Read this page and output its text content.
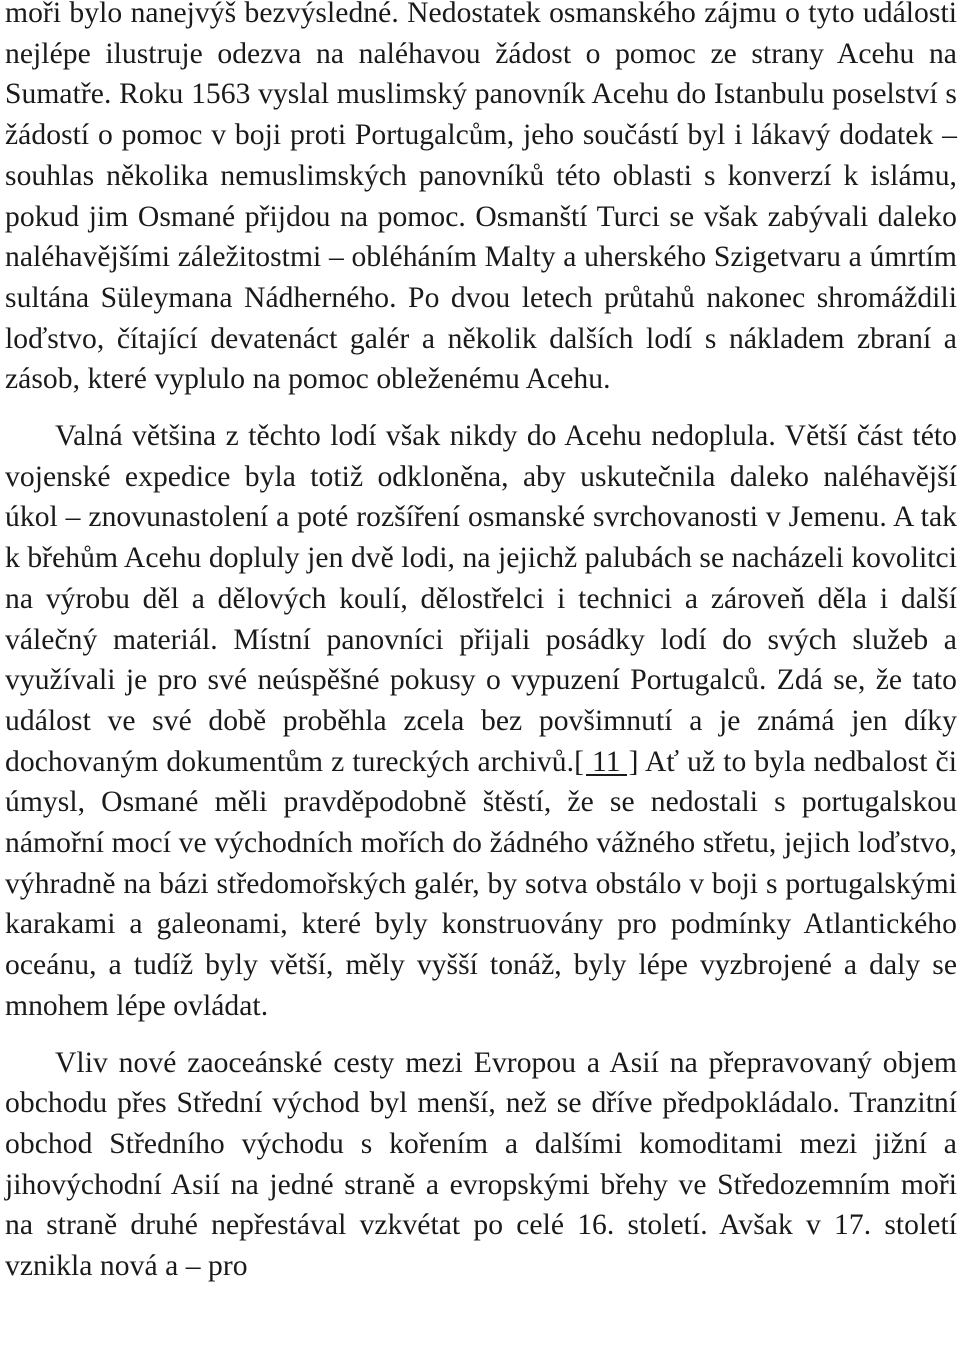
moři bylo nanejvýš bezvýsledné. Nedostatek osmanského zájmu o tyto události nejlépe ilustruje odezva na naléhavou žádost o pomoc ze strany Acehu na Sumatře. Roku 1563 vyslal muslimský panovník Acehu do Istanbulu poselství s žádostí o pomoc v boji proti Portugalcům, jeho součástí byl i lákavý dodatek – souhlas několika nemuslimských panovníků této oblasti s konverzí k islámu, pokud jim Osmané přijdou na pomoc. Osmanští Turci se však zabývali daleko naléhavějšími záležitostmi – obléháním Malty a uherského Szigetvaru a úmrtím sultána Süleymana Nádherného. Po dvou letech průtahů nakonec shromáždili loďstvo, čítající devatenáct galér a několik dalších lodí s nákladem zbraní a zásob, které vyplulo na pomoc obleženému Acehu.

Valná většina z těchto lodí však nikdy do Acehu nedoplula. Větší část této vojenské expedice byla totiž odkloněna, aby uskutečnila daleko naléhavější úkol – znovunastolení a poté rozšíření osmanské svrchovanosti v Jemenu. A tak k břehům Acehu dopluly jen dvě lodi, na jejichž palubách se nacházeli kovolitci na výrobu děl a dělových koulí, dělostřelci i technici a zároveň děla i další válečný materiál. Místní panovníci přijali posádky lodí do svých služeb a využívali je pro své neúspěšné pokusy o vypuzení Portugalců. Zdá se, že tato událost ve své době proběhla zcela bez povšimnutí a je známá jen díky dochovaným dokumentům z tureckých archivů.[ 11 ] Ať už to byla nedbalost či úmysl, Osmané měli pravděpodobně štěstí, že se nedostali s portugalskou námořní mocí ve východních mořích do žádného vážného střetu, jejich loďstvo, výhradně na bázi středomořských galér, by sotva obstálo v boji s portugalskými karakami a galeonami, které byly konstruovány pro podmínky Atlantického oceánu, a tudíž byly větší, měly vyšší tonáž, byly lépe vyzbrojené a daly se mnohem lépe ovládat.

Vliv nové zaoceánské cesty mezi Evropou a Asií na přepravovaný objem obchodu přes Střední východ byl menší, než se dříve předpokládalo. Tranzitní obchod Středního východu s kořením a dalšími komoditami mezi jižní a jihovýchodní Asií na jedné straně a evropskými břehy ve Středozemním moři na straně druhé nepřestával vzkvétat po celé 16. století. Avšak v 17. století vznikla nová a – pro
